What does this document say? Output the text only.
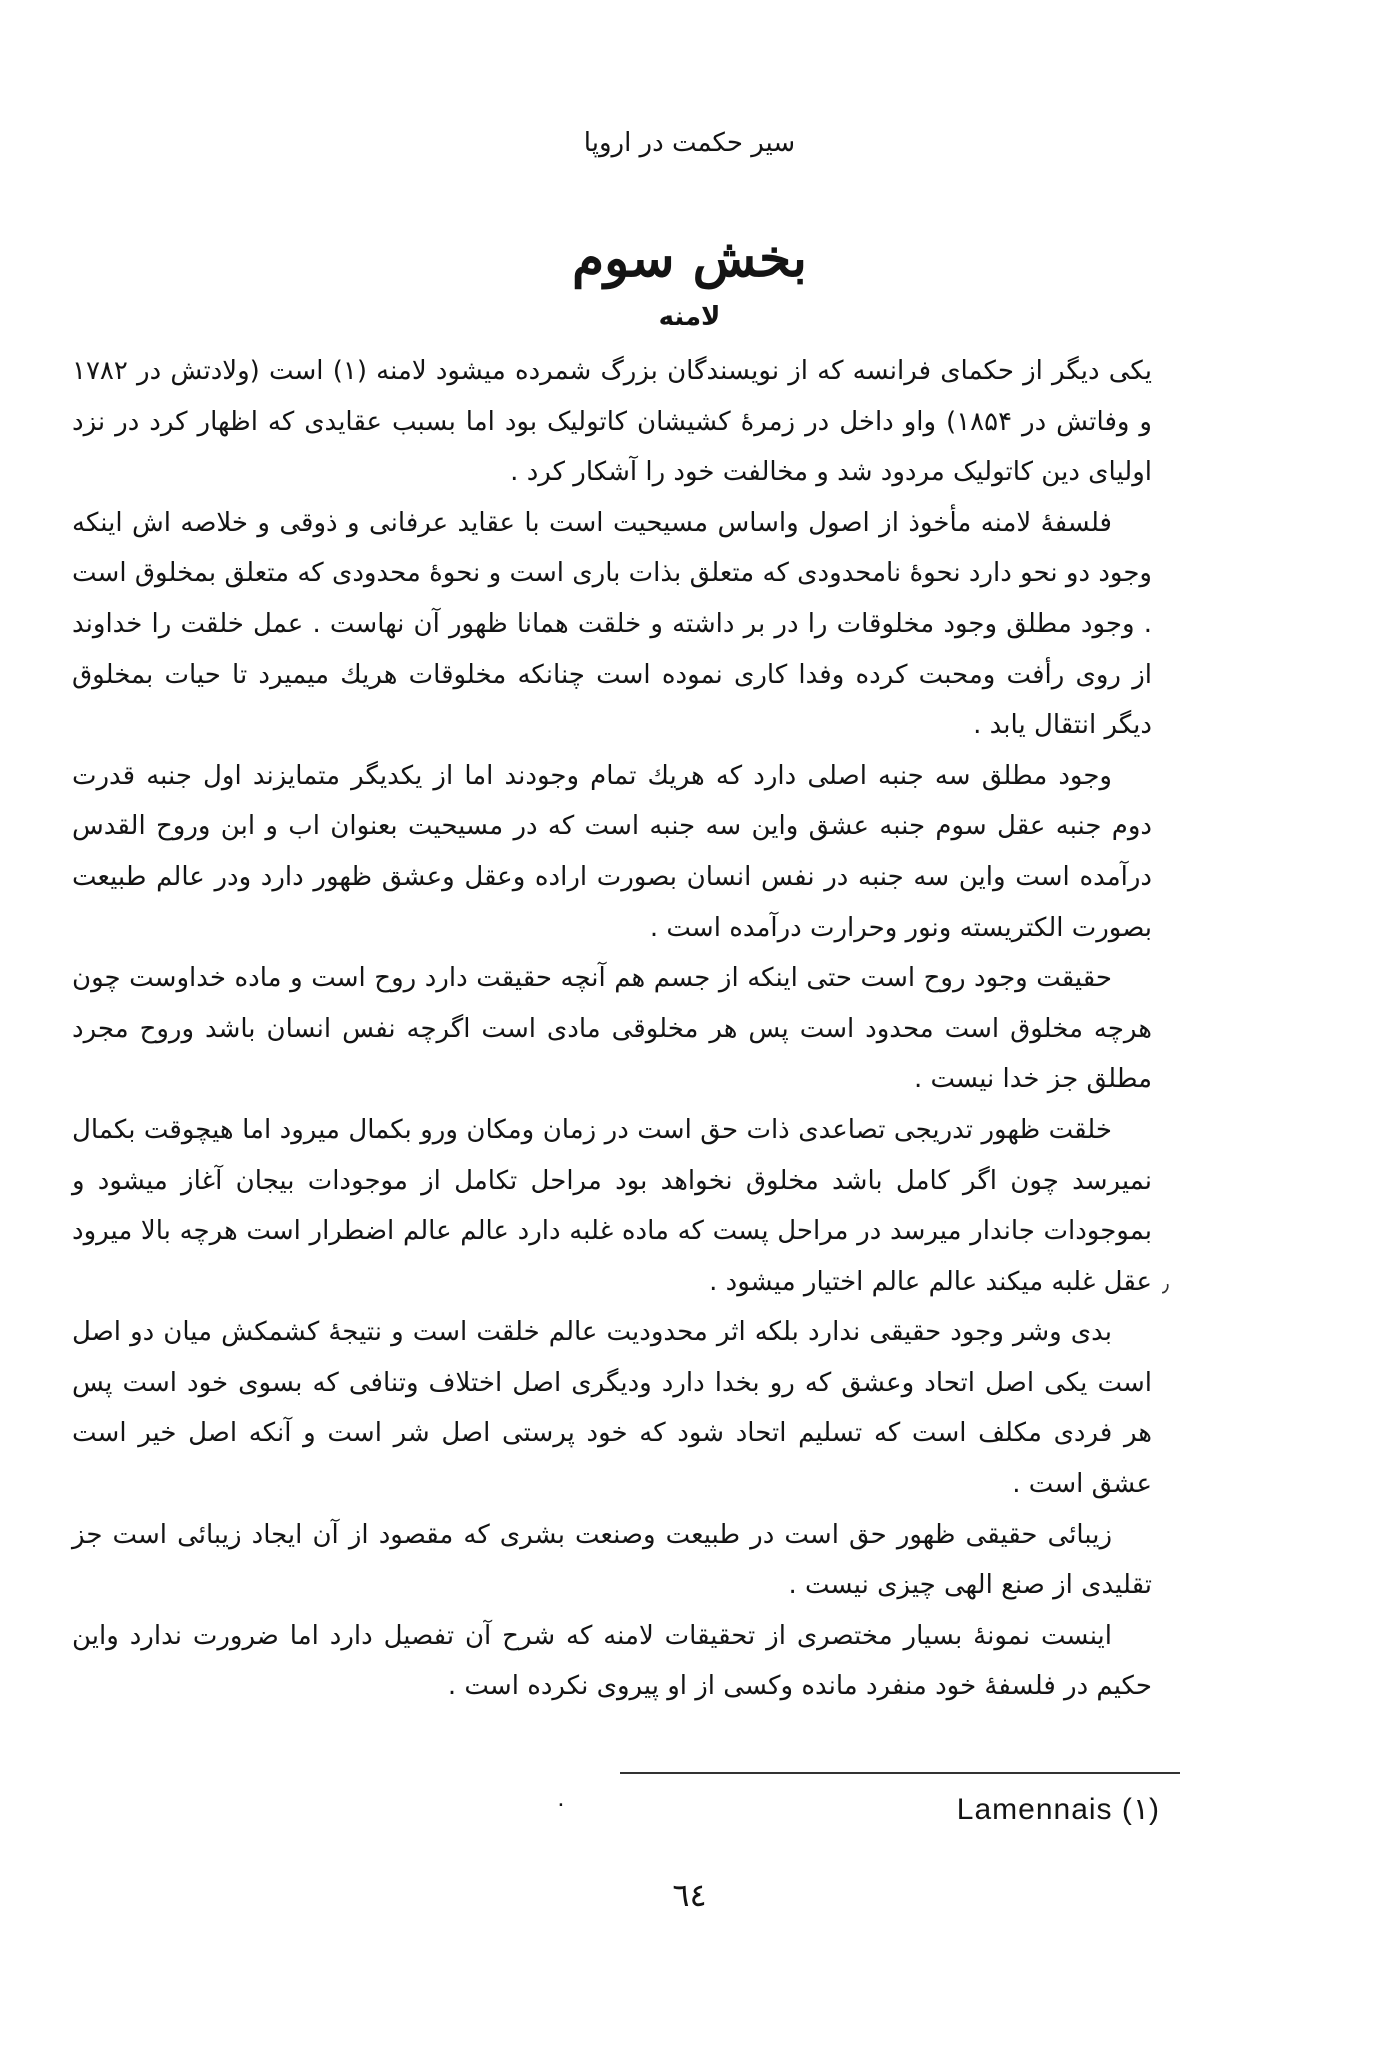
سیر حکمت در اروپا
بخش سوم
لامنه

یکی دیگر از حکمای فرانسه که از نویسندگان بزرگ شمرده میشود لامنه (۱) است (ولادتش در ۱۷۸۲ و وفاتش در ۱۸۵۴) واو داخل در زمرهٔ کشیشان کاتولیک بود اما بسبب عقایدی که اظهار کرد در نزد اولیای دین کاتولیک مردود شد و مخالفت خود را آشکار کرد .

فلسفهٔ لامنه مأخوذ از اصول واساس مسیحیت است با عقاید عرفانی و ذوقی و خلاصه اش اینکه وجود دو نحو دارد نحوهٔ نامحدودی که متعلق بذات باری است و نحوهٔ محدودی که متعلق بمخلوق است . وجود مطلق وجود مخلوقات را در بر داشته و خلقت همانا ظهور آن نهاست . عمل خلقت را خداوند از روی رأفت ومحبت کرده وفدا کاری نموده است چنانکه مخلوقات هریك میمیرد تا حیات بمخلوق دیگر انتقال یابد .

وجود مطلق سه جنبه اصلی دارد که هریك تمام وجودند اما از یکدیگر متمایزند اول جنبه قدرت دوم جنبه عقل سوم جنبه عشق واین سه جنبه است که در مسیحیت بعنوان اب و ابن وروح القدس درآمده است واین سه جنبه در نفس انسان بصورت اراده وعقل وعشق ظهور دارد ودر عالم طبیعت بصورت الکتریسته ونور وحرارت درآمده است .

حقیقت وجود روح است حتی اینکه از جسم هم آنچه حقیقت دارد روح است و ماده خداوست چون هرچه مخلوق است محدود است پس هر مخلوقی مادی است اگرچه نفس انسان باشد وروح مجرد مطلق جز خدا نیست .

خلقت ظهور تدریجی تصاعدی ذات حق است در زمان ومکان ورو بکمال میرود اما هیچوقت بکمال نمیرسد چون اگر کامل باشد مخلوق نخواهد بود مراحل تکامل از موجودات بیجان آغاز میشود و بموجودات جاندار میرسد در مراحل پست که ماده غلبه دارد عالم عالم اضطرار است هرچه بالا میرود عقل غلبه میکند عالم عالم اختیار میشود .

بدی وشر وجود حقیقی ندارد بلکه اثر محدودیت عالم خلقت است و نتیجهٔ کشمکش میان دو اصل است یکی اصل اتحاد وعشق که رو بخدا دارد ودیگری اصل اختلاف وتنافی که بسوی خود است پس هر فردی مکلف است که تسلیم اتحاد شود که خود پرستی اصل شر است و آنکه اصل خیر است عشق است .

زیبائی حقیقی ظهور حق است در طبیعت وصنعت بشری که مقصود از آن ایجاد زیبائی است جز تقلیدی از صنع الهی چیزی نیست .

اینست نمونهٔ بسیار مختصری از تحقیقات لامنه که شرح آن تفصیل دارد اما ضرورت ندارد واین حکیم در فلسفهٔ خود منفرد مانده وکسی از او پیروی نکرده است .

٫
٠	Lamennais (۱)
٦٤
